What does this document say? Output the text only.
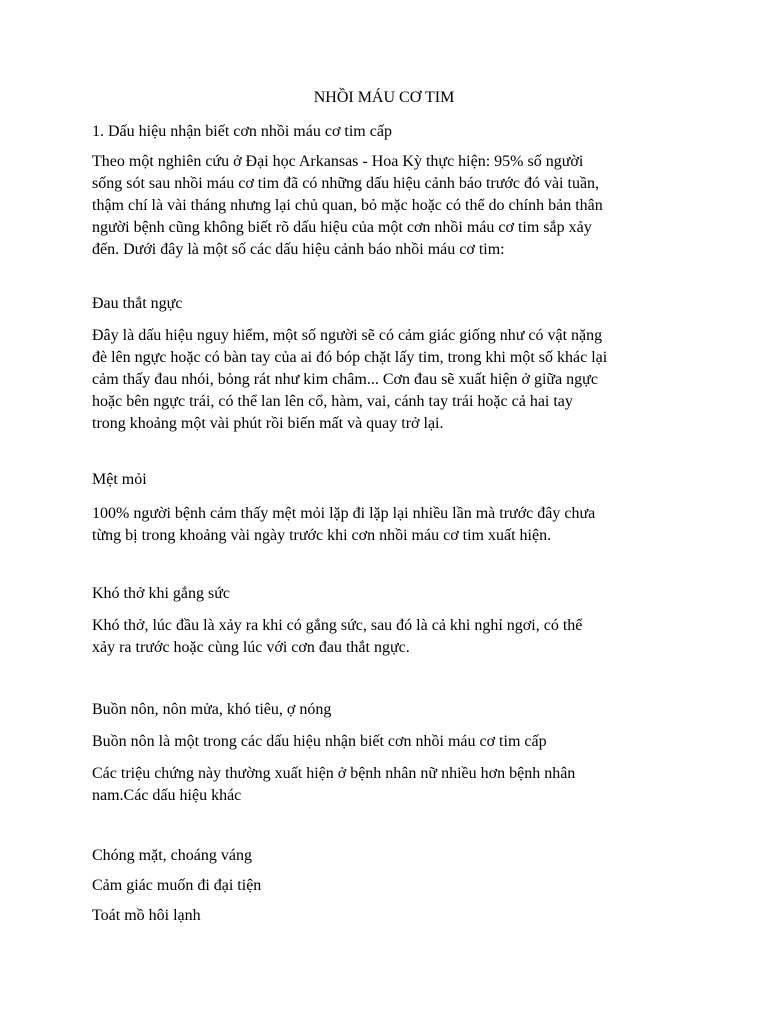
NHỒI MÁU CƠ TIM

1. Dấu hiệu nhận biết cơn nhồi máu cơ tim cấp

Theo một nghiên cứu ở Đại học Arkansas - Hoa Kỳ thực hiện: 95% số người

sống sót sau nhồi máu cơ tim đã có những dấu hiệu cảnh báo trước đó vài tuần,

thậm chí là vài tháng nhưng lại chủ quan, bỏ mặc hoặc có thể do chính bản thân

người bệnh cũng không biết rõ dấu hiệu của một cơn nhồi máu cơ tim sắp xảy

đến. Dưới đây là một số các dấu hiệu cảnh báo nhồi máu cơ tim:

Đau thắt ngực

Đây là dấu hiệu nguy hiểm, một số người sẽ có cảm giác giống như có vật nặng

đè lên ngực hoặc có bàn tay của ai đó bóp chặt lấy tim, trong khi một số khác lại

cảm thấy đau nhói, bỏng rát như kim châm... Cơn đau sẽ xuất hiện ở giữa ngực

hoặc bên ngực trái, có thể lan lên cổ, hàm, vai, cánh tay trái hoặc cả hai tay

trong khoảng một vài phút rồi biến mất và quay trở lại.

Mệt mỏi

100% người bệnh cảm thấy mệt mỏi lặp đi lặp lại nhiều lần mà trước đây chưa

từng bị trong khoảng vài ngày trước khi cơn nhồi máu cơ tim xuất hiện.

Khó thở khi gắng sức

Khó thở, lúc đầu là xảy ra khi có gắng sức, sau đó là cả khi nghỉ ngơi, có thể

xảy ra trước hoặc cùng lúc với cơn đau thắt ngực.

Buồn nôn, nôn mửa, khó tiêu, ợ nóng

Buồn nôn là một trong các dấu hiệu nhận biết cơn nhồi máu cơ tim cấp

Các triệu chứng này thường xuất hiện ở bệnh nhân nữ nhiều hơn bệnh nhân

nam.Các dấu hiệu khác

Chóng mặt, choáng váng

Cảm giác muốn đi đại tiện

Toát mồ hôi lạnh
